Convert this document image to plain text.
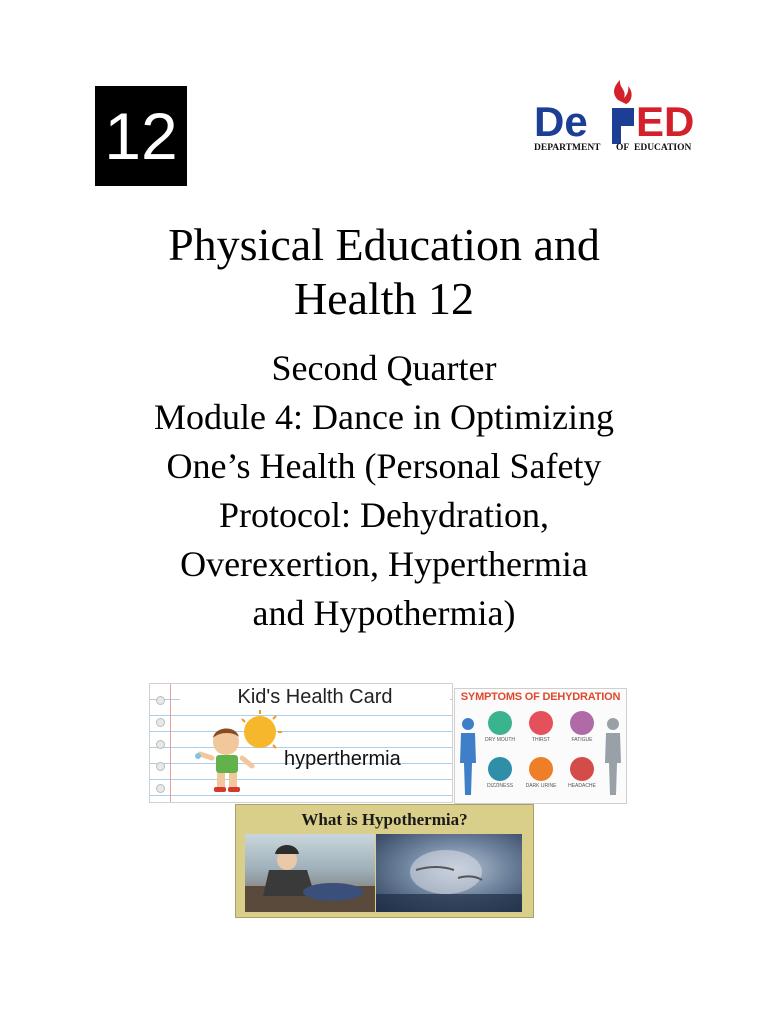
12	De ED
DEPARTMENT OF EDUCATION
Physical Education and
Health 12
Second Quarter
Module 4: Dance in Optimizing
One’s Health (Personal Safety
Protocol: Dehydration,
Overexertion, Hyperthermia
and Hypothermia)
Kid's Health Card
hyperthermia
SYMPTOMS OF DEHYDRATION
DRY MOUTH	THIRST	FATIGUE
DIZZINESS	DARK URINE	HEADACHE
What is Hypothermia?
